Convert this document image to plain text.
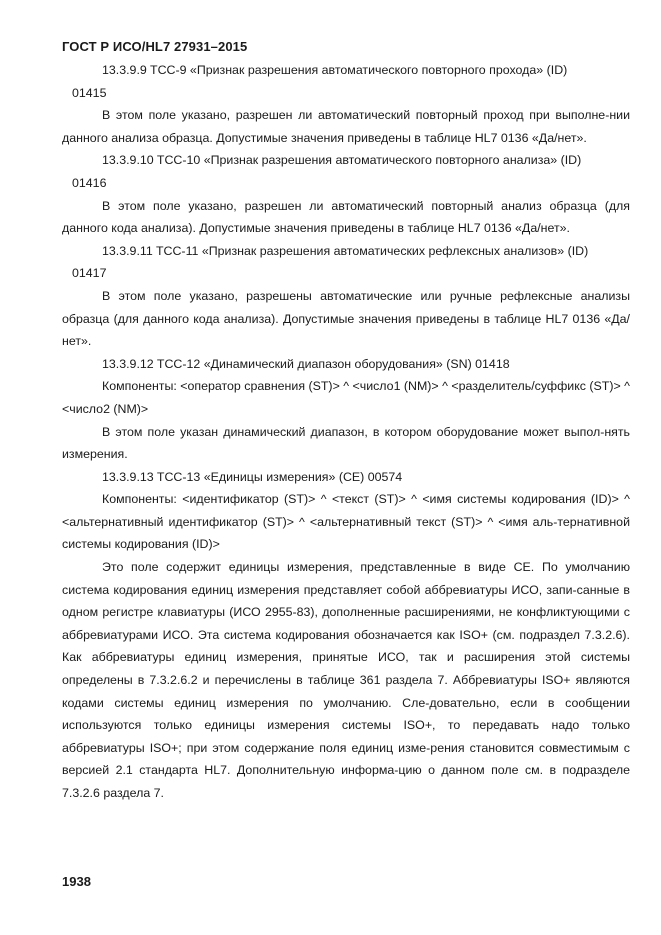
ГОСТ Р ИСО/HL7 27931–2015

13.3.9.9 TCC-9 «Признак разрешения автоматического повторного прохода» (ID)

01415

В этом поле указано, разрешен ли автоматический повторный проход при выполне-нии данного анализа образца. Допустимые значения приведены в таблице HL7 0136 «Да/нет».

13.3.9.10 TCC-10 «Признак разрешения автоматического повторного анализа» (ID)

01416

В этом поле указано, разрешен ли автоматический повторный анализ образца (для данного кода анализа). Допустимые значения приведены в таблице HL7 0136 «Да/нет».

13.3.9.11 TCC-11 «Признак разрешения автоматических рефлексных анализов» (ID)

01417

В этом поле указано, разрешены автоматические или ручные рефлексные анализы образца (для данного кода анализа). Допустимые значения приведены в таблице HL7 0136 «Да/нет».

13.3.9.12 TCC-12 «Динамический диапазон оборудования» (SN) 01418

Компоненты: <оператор сравнения (ST)> ^ <число1 (NM)> ^ <разделитель/суффикс (ST)> ^ <число2 (NM)>

В этом поле указан динамический диапазон, в котором оборудование может выпол-нять измерения.

13.3.9.13 TCC-13 «Единицы измерения» (CE) 00574

Компоненты: <идентификатор (ST)> ^ <текст (ST)> ^ <имя системы кодирования (ID)> ^ <альтернативный идентификатор (ST)> ^ <альтернативный текст (ST)> ^ <имя аль-тернативной системы кодирования (ID)>

Это поле содержит единицы измерения, представленные в виде CE. По умолчанию система кодирования единиц измерения представляет собой аббревиатуры ИСО, запи-санные в одном регистре клавиатуры (ИСО 2955-83), дополненные расширениями, не конфликтующими с аббревиатурами ИСО. Эта система кодирования обозначается как ISO+ (см. подраздел 7.3.2.6). Как аббревиатуры единиц измерения, принятые ИСО, так и расширения этой системы определены в 7.3.2.6.2 и перечислены в таблице 361 раздела 7. Аббревиатуры ISO+ являются кодами системы единиц измерения по умолчанию. Сле-довательно, если в сообщении используются только единицы измерения системы ISO+, то передавать надо только аббревиатуры ISO+; при этом содержание поля единиц изме-рения становится совместимым с версией 2.1 стандарта HL7. Дополнительную информа-цию о данном поле см. в подразделе 7.3.2.6 раздела 7.

1938
